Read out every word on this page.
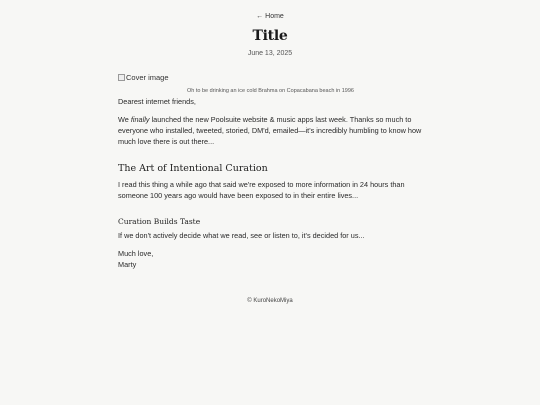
← Home
Title
June 13, 2025
Cover image
Oh to be drinking an ice cold Brahma on Copacabana beach in 1996

Dearest internet friends,

We finally launched the new Poolsuite website & music apps last week. Thanks so much to everyone who installed, tweeted, storied, DM'd, emailed—it's incredibly humbling to know how much love there is out there...

The Art of Intentional Curation

I read this thing a while ago that said we're exposed to more information in 24 hours than someone 100 years ago would have been exposed to in their entire lives...

Curation Builds Taste

If we don't actively decide what we read, see or listen to, it's decided for us...

Much love,

Marty

© KuroNekoMiya
